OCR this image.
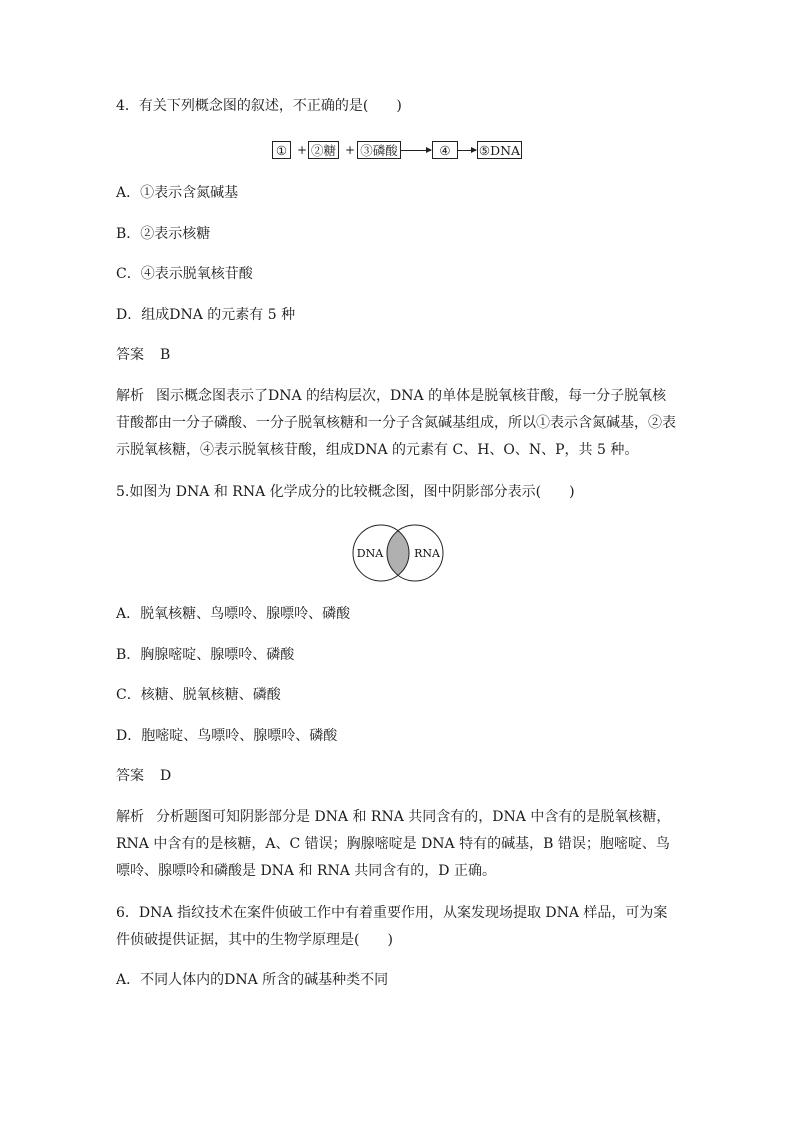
4．有关下列概念图的叙述，不正确的是(　　)
① + ②糖 + ③磷酸	④	⑤DNA
A．①表示含氮碱基
B．②表示核糖
C．④表示脱氧核苷酸
D．组成DNA 的元素有 5 种
答案 B
解析 图示概念图表示了DNA 的结构层次，DNA 的单体是脱氧核苷酸，每一分子脱氧核苷酸都由一分子磷酸、一分子脱氧核糖和一分子含氮碱基组成，所以①表示含氮碱基，②表示脱氧核糖，④表示脱氧核苷酸，组成DNA 的元素有 C、H、O、N、P，共 5 种。
5.如图为 DNA 和 RNA 化学成分的比较概念图，图中阴影部分表示(　　)
DNA	RNA
A．脱氧核糖、鸟嘌呤、腺嘌呤、磷酸
B．胸腺嘧啶、腺嘌呤、磷酸
C．核糖、脱氧核糖、磷酸
D．胞嘧啶、鸟嘌呤、腺嘌呤、磷酸
答案 D
解析 分析题图可知阴影部分是 DNA 和 RNA 共同含有的，DNA 中含有的是脱氧核糖，RNA 中含有的是核糖，A、C 错误；胸腺嘧啶是 DNA 特有的碱基，B 错误；胞嘧啶、鸟嘌呤、腺嘌呤和磷酸是 DNA 和 RNA 共同含有的，D 正确。
6．DNA 指纹技术在案件侦破工作中有着重要作用，从案发现场提取 DNA 样品，可为案件侦破提供证据，其中的生物学原理是(　　)
A．不同人体内的DNA 所含的碱基种类不同
